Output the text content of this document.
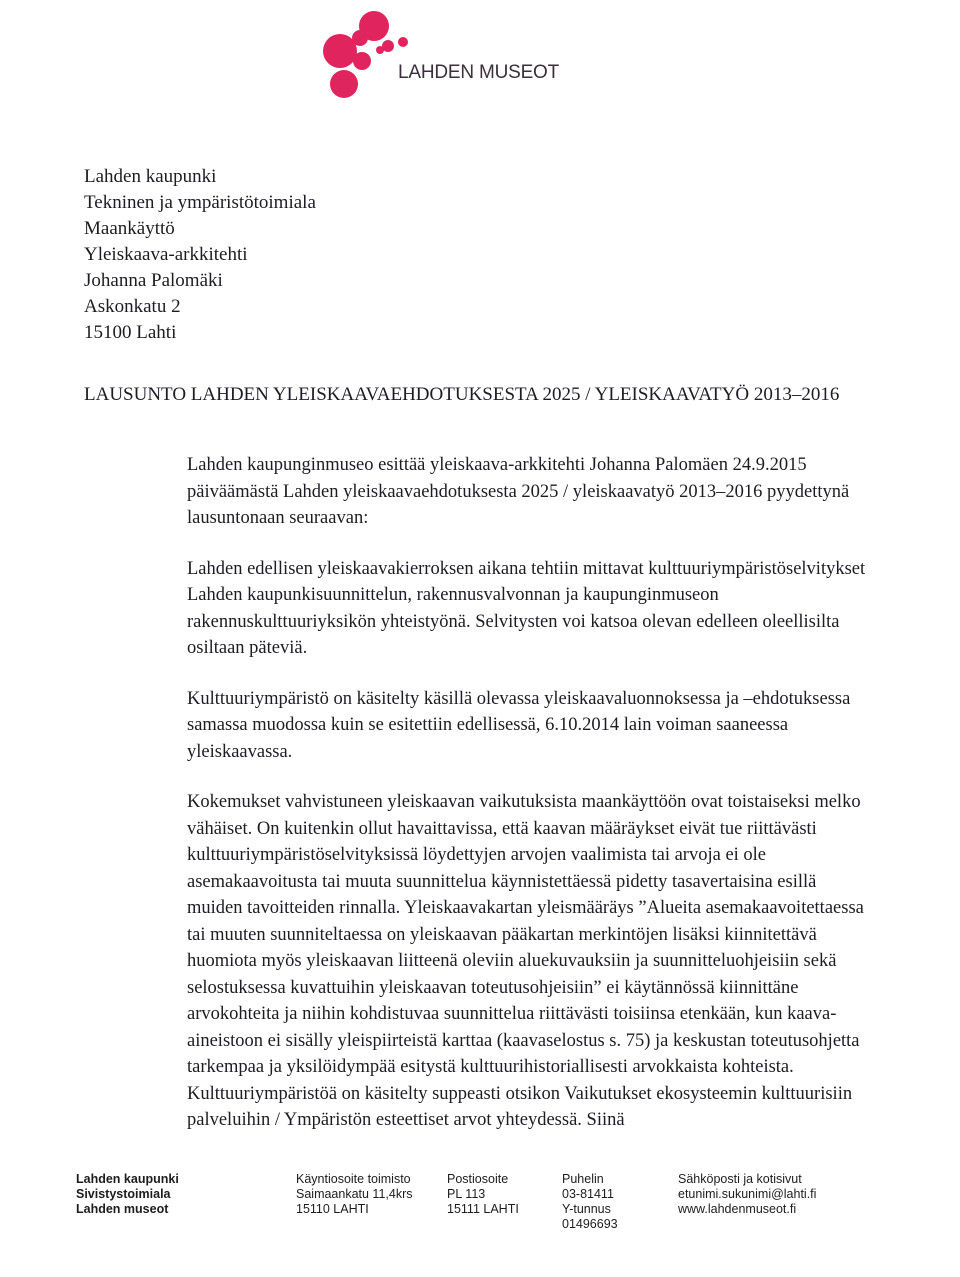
LAHDEN MUSEOT
Lahden kaupunki
Tekninen ja ympäristötoimiala
Maankäyttö
Yleiskaava-arkkitehti
Johanna Palomäki
Askonkatu 2
15100 Lahti
LAUSUNTO LAHDEN YLEISKAAVAEHDOTUKSESTA 2025 / YLEISKAAVATYÖ 2013–2016

Lahden kaupunginmuseo esittää yleiskaava-arkkitehti Johanna Palomäen 24.9.2015 päiväämästä Lahden yleiskaavaehdotuksesta 2025 / yleiskaavatyö 2013–2016 pyydettynä lausuntonaan seuraavan:

Lahden edellisen yleiskaavakierroksen aikana tehtiin mittavat kulttuuriympäristöselvitykset Lahden kaupunkisuunnittelun, rakennusvalvonnan ja kaupunginmuseon rakennuskulttuuriyksikön yhteistyönä. Selvitysten voi katsoa olevan edelleen oleellisilta osiltaan päteviä.

Kulttuuriympäristö on käsitelty käsillä olevassa yleiskaavaluonnoksessa ja –ehdotuksessa samassa muodossa kuin se esitettiin edellisessä, 6.10.2014 lain voiman saaneessa yleiskaavassa.

Kokemukset vahvistuneen yleiskaavan vaikutuksista maankäyttöön ovat toistaiseksi melko vähäiset. On kuitenkin ollut havaittavissa, että kaavan määräykset eivät tue riittävästi kulttuuriympäristöselvityksissä löydettyjen arvojen vaalimista tai arvoja ei ole asemakaavoitusta tai muuta suunnittelua käynnistettäessä pidetty tasavertaisina esillä muiden tavoitteiden rinnalla. Yleiskaavakartan yleismääräys ”Alueita asemakaavoitettaessa tai muuten suunniteltaessa on yleiskaavan pääkartan merkintöjen lisäksi kiinnitettävä huomiota myös yleiskaavan liitteenä oleviin aluekuvauksiin ja suunnitteluohjeisiin sekä selostuksessa kuvattuihin yleiskaavan toteutusohjeisiin” ei käytännössä kiinnittäne arvokohteita ja niihin kohdistuvaa suunnittelua riittävästi toisiinsa etenkään, kun kaava-aineistoon ei sisälly yleispiirteistä karttaa (kaavaselostus s. 75) ja keskustan toteutusohjetta tarkempaa ja yksilöidympää esitystä kulttuurihistoriallisesti arvokkaista kohteista. Kulttuuriympäristöä on käsitelty suppeasti otsikon Vaikutukset ekosysteemin kulttuurisiin palveluihin / Ympäristön esteettiset arvot yhteydessä. Siinä

Lahden kaupunki
Sivistystoimiala
Lahden museot
Käyntiosoite toimisto
Saimaankatu 11,4krs
15110 LAHTI
Postiosoite
PL 113
15111 LAHTI
Puhelin
03-81411
Y-tunnus
01496693
Sähköposti ja kotisivut
etunimi.sukunimi@lahti.fi
www.lahdenmuseot.fi
